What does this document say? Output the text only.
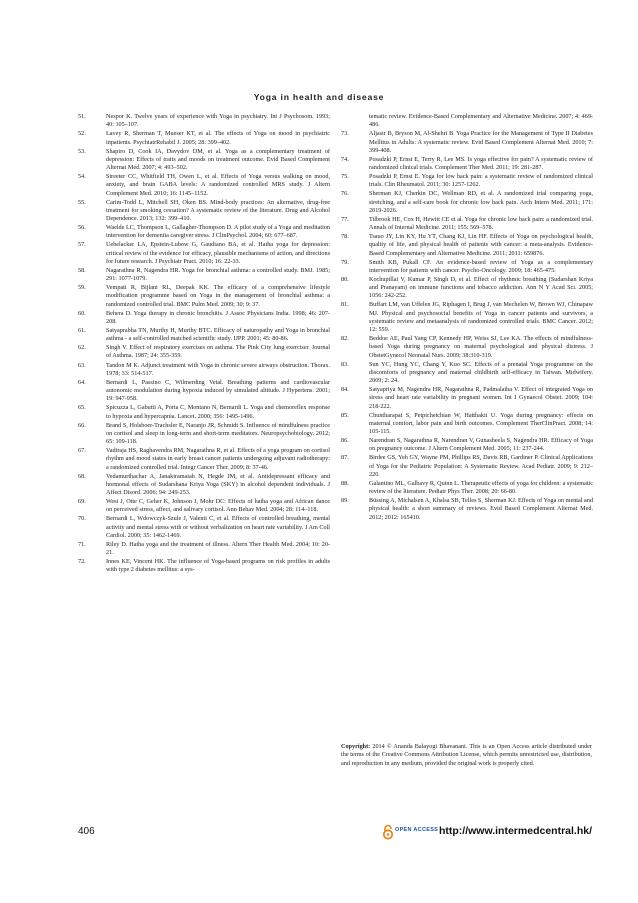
Yoga in health and disease
51.	Nespor K. Twelve years of experience with Yoga in psychiatry. Int J Psychosom. 1993; 40: 105–107.
52.	Lavey R, Sherman T, Mueser KT, et al. The effects of Yoga on mood in psychiatric inpatients. PsychiatrRehabil J. 2005; 28: 399–402.
53.	Shapiro D, Cook IA, Davydov DM, et al. Yoga as a complementary treatment of depression: Effects of traits and moods on treatment outcome. Evid Based Complement Alternat Med. 2007; 4: 493–502.
54.	Streeter CC, Whitfield TH, Owen L, et al. Effects of Yoga versus walking on mood, anxiety, and brain GABA levels: A randomized controlled MRS study. J Altern Complement Med. 2010; 16: 1145–1152.
55.	Carim-Todd L, Mitchell SH, Oken BS. Mind-body practices: An alternative, drug-free treatment for smoking cessation? A systematic review of the literature. Drug and Alcohol Dependence. 2013; 132: 399–410.
56.	Waelde LC, Thompson L, Gallagher-Thompson D. A pilot study of a Yoga and meditation intervention for dementia caregiver stress. J ClinPsychol. 2004; 60: 677–687.
57.	Uebelacker LA, Epstein-Lubow G, Gaudiano BA, et al. Hatha yoga for depression: critical review of the evidence for efficacy, plausible mechanisms of action, and directions for future research. J Psychiatr Pract. 2010; 16: 22-33.
58.	Nagarathna R, Nagendra HR. Yoga for bronchial asthma: a controlled study. BMJ. 1985; 291: 1077-1079.
59.	Vempati R, Bijlani RL, Deepak KK. The efficacy of a comprehensive lifestyle modification programme based on Yoga in the management of bronchial asthma: a randomized controlled trial. BMC Pulm Med. 2009; 30; 9: 37.
60.	Behera D. Yoga therapy in chronic bronchitis. J Assoc Physicians India. 1998; 46: 207-208.
61.	Satyaprabha TN, Murthy H, Murthy BTC. Efficacy of naturopathy and Yoga in bronchial asthma - a self-controlled matched scientific study. IJPP. 2001; 45: 80-86.
62.	Singh V. Effect of respiratory exercises on asthma. The Pink City lung exerciser. Journal of Asthma. 1987; 24: 355-359.
63.	Tandon M K. Adjunct treatment with Yoga in chronic severe airways obstruction. Thorax. 1978; 33: 514-517.
64.	Bernardi L, Passino C, Wilmerding Vetal. Breathing patterns and cardiovascular autonomic modulation during hypoxia induced by simulated altitude. J Hypertens. 2001; 19: 947-958.
65.	Spicuzza L, Gabutti A, Porta C, Montano N, Bernardi L. Yoga and chemoreflex response to hypoxia and hypercapnia. Lancet. 2000; 356: 1495-1496.
66.	Brand S, Holsboer-Trachsler E, Naranjo JR, Schmidt S. Influence of mindfulness practice on cortisol and sleep in long-term and short-term meditators. Neuropsychobiology. 2012; 65: 109-118.
67.	Vadiraja HS, Raghavendra RM, Nagarathna R, et al. Effects of a yoga program on cortisol rhythm and mood states in early breast cancer patients undergoing adjuvant radiotherapy: a randomized controlled trial. Integr Cancer Ther. 2009; 8: 37-46.
68.	Vedamurthachar A, Janakiramaiah N, Hegde JM, et al. Antidepressant efficacy and hormonal effects of Sudarshana Kriya Yoga (SKY) in alcohol dependent individuals. J Affect Disord. 2006; 94: 249-253.
69.	West J, Otte C, Geher K, Johnson J, Mohr DC: Effects of hatha yoga and African dance on perceived stress, affect, and salivary cortisol. Ann Behav Med. 2004; 28: 114–118.
70.	Bernardi L, Wdowczyk-Szule J, Valenti C, et al. Effects of controlled breathing, mental activity and mental stress with or without verbalization on heart rate variability. J Am Coll Cardiol. 2000; 35: 1462-1469.
71.	Riley D. Hatha yoga and the treatment of illness. Altern Ther Health Med. 2004; 10: 20-21.
72.	Innes KE, Vincent HK. The influence of Yoga-based programs on risk profiles in adults with type 2 diabetes mellitus: a sys-
tematic review. Evidence-Based Complementary and Alternative Medicine. 2007; 4: 469-486.
73.	Aljasir B, Bryson M, Al-Shehri B. Yoga Practice for the Management of Type II Diabetes Mellitus in Adults: A systematic review. Evid Based Complement Alternat Med. 2010; 7: 399-408.
74.	Posadzki P, Ernst E, Terry R, Lee MS. Is yoga effective for pain? A systematic review of randomized clinical trials. Complement Ther Med. 2011; 19: 281-287.
75.	Posadzki P, Ernst E. Yoga for low back pain: a systematic review of randomized clinical trials. Clin Rheumatol. 2011; 30: 1257-1262.
76.	Sherman KJ, Cherkin DC, Wellman RD, et al. A randomized trial comparing yoga, stretching, and a self-care book for chronic low back pain. Arch Intern Med. 2011; 171: 2019-2026.
77.	Tilbrook HE, Cox H, Hewitt CE et al. Yoga for chronic low back pain: a randomized trial. Annals of Internal Medicine. 2011; 155: 569–578.
78.	Tsauo JY, Lin KY, Hu YT, Chang KJ, Lin HF. Effects of Yoga on psychological health, quality of life, and physical health of patients with cancer: a meta-analysis. Evidence-Based Complementary and Alternative Medicine. 2011; 2011: 659876.
79.	Smith KB, Pukall CF. An evidence-based review of Yoga as a complementary intervention for patients with cancer. Psycho-Oncology. 2009; 18: 465-475.
80.	Kochupillai V, Kumar P, Singh D, et al. Effect of rhythmic breathing (Sudarshan Kriya and Pranayam) on immune functions and tobacco addiction. Ann N Y Acad Sci. 2005; 1056: 242-252.
81.	Buffart LM, van Uffelen JG, Riphagen I, Brug J, van Mechelen W, Brown WJ, Chinapaw MJ. Physical and psychosocial benefits of Yoga in cancer patients and survivors, a systematic review and metaanalysis of randomized controlled trials. BMC Cancer. 2012; 12: 559.
82.	Beddoe AE, Paul Yang CP, Kennedy HP, Weiss SJ, Lee KA. The effects of mindfulness-based Yoga during pregnancy on maternal psychological and physical distress. J ObstetGynecol Neonatal Nurs. 2009; 38:310-319.
83.	Sun YC, Hung YC, Chang Y, Kuo SC. Effects of a prenatal Yoga programme on the discomforts of pregnancy and maternal childbirth self-efficacy in Taiwan. Midwifery. 2009; 2: 24.
84.	Satyapriya M, Nagendra HR, Nagarathna R, Padmalatha V. Effect of integrated Yoga on stress and heart rate variability in pregnant women. Int J Gynaecol Obstet. 2009; 104: 218-222.
85.	Chuntharapat S, Petpichetchian W, Hatthakit U. Yoga during pregnancy: effects on maternal comfort, labor pain and birth outcomes. Complement TherClinPract. 2008; 14: 105-115.
86.	Narendran S, Nagarathna R, Narendran V, Gunasheela S, Nagendra HR. Efficacy of Yoga on pregnancy outcome. J Altern Complement Med. 2005; 11: 237-244.
87.	Birdee GS, Yeh GY, Wayne PM, Phillips RS, Davis RB, Gardiner P. Clinical Applications of Yoga for the Pediatric Population: A Systematic Review. Acad Pediatr. 2009; 9: 212–220.
88.	Galantino ML, Galbavy R, Quinn L. Therapeutic effects of yoga for children: a systematic review of the literature. Pediatr Phys Ther. 2008; 20: 66-80.
89.	Büssing A, Michalsen A, Khalsa SB, Telles S, Sherman KJ. Effects of Yoga on mental and physical health: a short summary of reviews. Evid Based Complement Alternat Med. 2012; 2012: 165410.
Copyright: 2014 © Ananda Balayogi Bhavanani. This is an Open Access article distributed under the terms of the Creative Commons Attribution License, which permits unrestricted use, distribution, and reproduction in any medium, provided the original work is properly cited.
406	OPEN ACCESS http://www.intermedcentral.hk/
